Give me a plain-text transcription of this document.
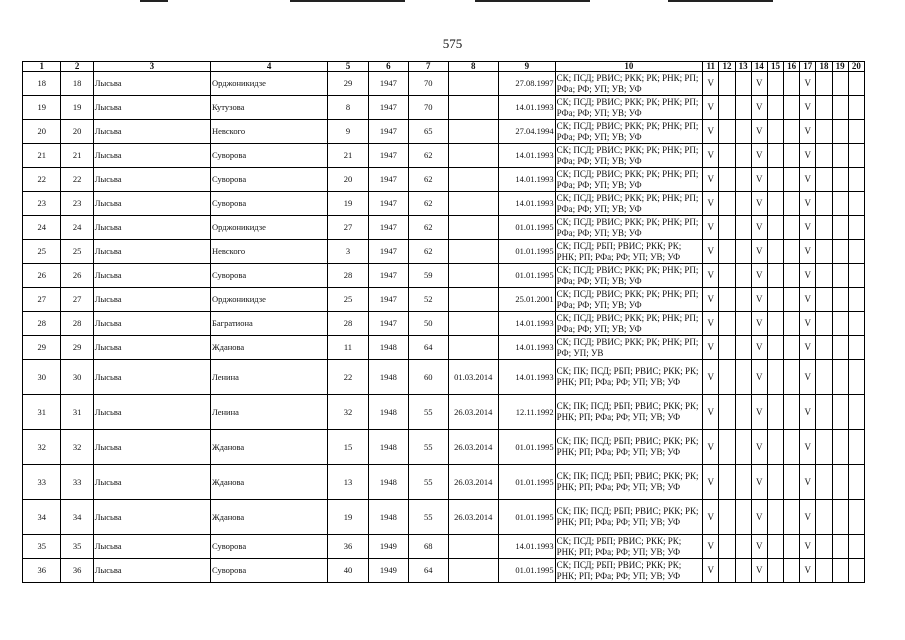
575
1	2	3	4	5	6	7	8	9	10	11	12	13	14	15	16	17	18	19	20
18	18	Лысьва	Орджоникидзе	29	1947	70		27.08.1997	СК; ПСД; РВИС; РКК; РК; РНК; РП; РФа; РФ; УП; УВ; УФ	V			V			V			
19	19	Лысьва	Кутузова	8	1947	70		14.01.1993	СК; ПСД; РВИС; РКК; РК; РНК; РП; РФа; РФ; УП; УВ; УФ	V			V			V			
20	20	Лысьва	Невского	9	1947	65		27.04.1994	СК; ПСД; РВИС; РКК; РК; РНК; РП; РФа; РФ; УП; УВ; УФ	V			V			V			
21	21	Лысьва	Суворова	21	1947	62		14.01.1993	СК; ПСД; РВИС; РКК; РК; РНК; РП; РФа; РФ; УП; УВ; УФ	V			V			V			
22	22	Лысьва	Суворова	20	1947	62		14.01.1993	СК; ПСД; РВИС; РКК; РК; РНК; РП; РФа; РФ; УП; УВ; УФ	V			V			V			
23	23	Лысьва	Суворова	19	1947	62		14.01.1993	СК; ПСД; РВИС; РКК; РК; РНК; РП; РФа; РФ; УП; УВ; УФ	V			V			V			
24	24	Лысьва	Орджоникидзе	27	1947	62		01.01.1995	СК; ПСД; РВИС; РКК; РК; РНК; РП; РФа; РФ; УП; УВ; УФ	V			V			V			
25	25	Лысьва	Невского	3	1947	62		01.01.1995	СК; ПСД; РБП; РВИС; РКК; РК; РНК; РП; РФа; РФ; УП; УВ; УФ	V			V			V			
26	26	Лысьва	Суворова	28	1947	59		01.01.1995	СК; ПСД; РВИС; РКК; РК; РНК; РП; РФа; РФ; УП; УВ; УФ	V			V			V			
27	27	Лысьва	Орджоникидзе	25	1947	52		25.01.2001	СК; ПСД; РВИС; РКК; РК; РНК; РП; РФа; РФ; УП; УВ; УФ	V			V			V			
28	28	Лысьва	Багратиона	28	1947	50		14.01.1993	СК; ПСД; РВИС; РКК; РК; РНК; РП; РФа; РФ; УП; УВ; УФ	V			V			V			
29	29	Лысьва	Жданова	11	1948	64		14.01.1993	СК; ПСД; РВИС; РКК; РК; РНК; РП; РФ; УП; УВ	V			V			V			
30	30	Лысьва	Ленина	22	1948	60	01.03.2014	14.01.1993	СК; ПК; ПСД; РБП; РВИС; РКК; РК; РНК; РП; РФа; РФ; УП; УВ; УФ	V			V			V			
31	31	Лысьва	Ленина	32	1948	55	26.03.2014	12.11.1992	СК; ПК; ПСД; РБП; РВИС; РКК; РК; РНК; РП; РФа; РФ; УП; УВ; УФ	V			V			V			
32	32	Лысьва	Жданова	15	1948	55	26.03.2014	01.01.1995	СК; ПК; ПСД; РБП; РВИС; РКК; РК; РНК; РП; РФа; РФ; УП; УВ; УФ	V			V			V			
33	33	Лысьва	Жданова	13	1948	55	26.03.2014	01.01.1995	СК; ПК; ПСД; РБП; РВИС; РКК; РК; РНК; РП; РФа; РФ; УП; УВ; УФ	V			V			V			
34	34	Лысьва	Жданова	19	1948	55	26.03.2014	01.01.1995	СК; ПК; ПСД; РБП; РВИС; РКК; РК; РНК; РП; РФа; РФ; УП; УВ; УФ	V			V			V			
35	35	Лысьва	Суворова	36	1949	68		14.01.1993	СК; ПСД; РБП; РВИС; РКК; РК; РНК; РП; РФа; РФ; УП; УВ; УФ	V			V			V			
36	36	Лысьва	Суворова	40	1949	64		01.01.1995	СК; ПСД; РБП; РВИС; РКК; РК; РНК; РП; РФа; РФ; УП; УВ; УФ	V			V			V			
